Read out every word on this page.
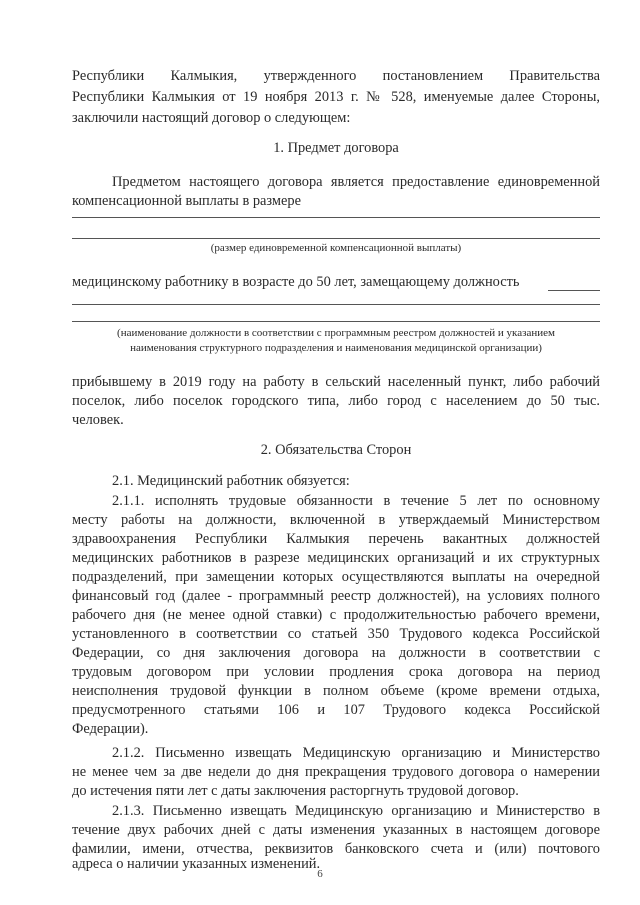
Республики Калмыкия, утвержденного постановлением Правительства
Республики Калмыкия от 19 ноября 2013 г. № 528, именуемые далее Стороны,
заключили настоящий договор о следующем:
1. Предмет договора
Предметом настоящего договора является предоставление единовременной
компенсационной выплаты в размере
(размер единовременной компенсационной выплаты)
медицинскому работнику в возрасте до 50 лет, замещающему должность
(наименование должности в соответствии с программным реестром должностей и указанием
наименования структурного подразделения и наименования медицинской организации)
прибывшему в 2019 году на работу в сельский населенный пункт, либо рабочий
поселок, либо поселок городского типа, либо город с населением до 50 тыс.
человек.
2. Обязательства Сторон
2.1. Медицинский работник обязуется:
2.1.1. исполнять трудовые обязанности в течение 5 лет по основному
месту работы на должности, включенной в утверждаемый Министерством
здравоохранения Республики Калмыкия перечень вакантных должностей
медицинских работников в разрезе медицинских организаций и их структурных
подразделений, при замещении которых осуществляются выплаты на очередной
финансовый год (далее - программный реестр должностей), на условиях полного
рабочего дня (не менее одной ставки) с продолжительностью рабочего времени,
установленного в соответствии со статьей 350 Трудового кодекса Российской
Федерации, со дня заключения договора на должности в соответствии с
трудовым договором при условии продления срока договора на период
неисполнения трудовой функции в полном объеме (кроме времени отдыха,
предусмотренного статьями 106 и 107 Трудового кодекса Российской
Федерации).
2.1.2. Письменно извещать Медицинскую организацию и Министерство
не менее чем за две недели до дня прекращения трудового договора о намерении
до истечения пяти лет с даты заключения расторгнуть трудовой договор.
2.1.3. Письменно извещать Медицинскую организацию и Министерство в
течение двух рабочих дней с даты изменения указанных в настоящем договоре
фамилии, имени, отчества, реквизитов банковского счета и (или) почтового
адреса о наличии указанных изменений.
6
